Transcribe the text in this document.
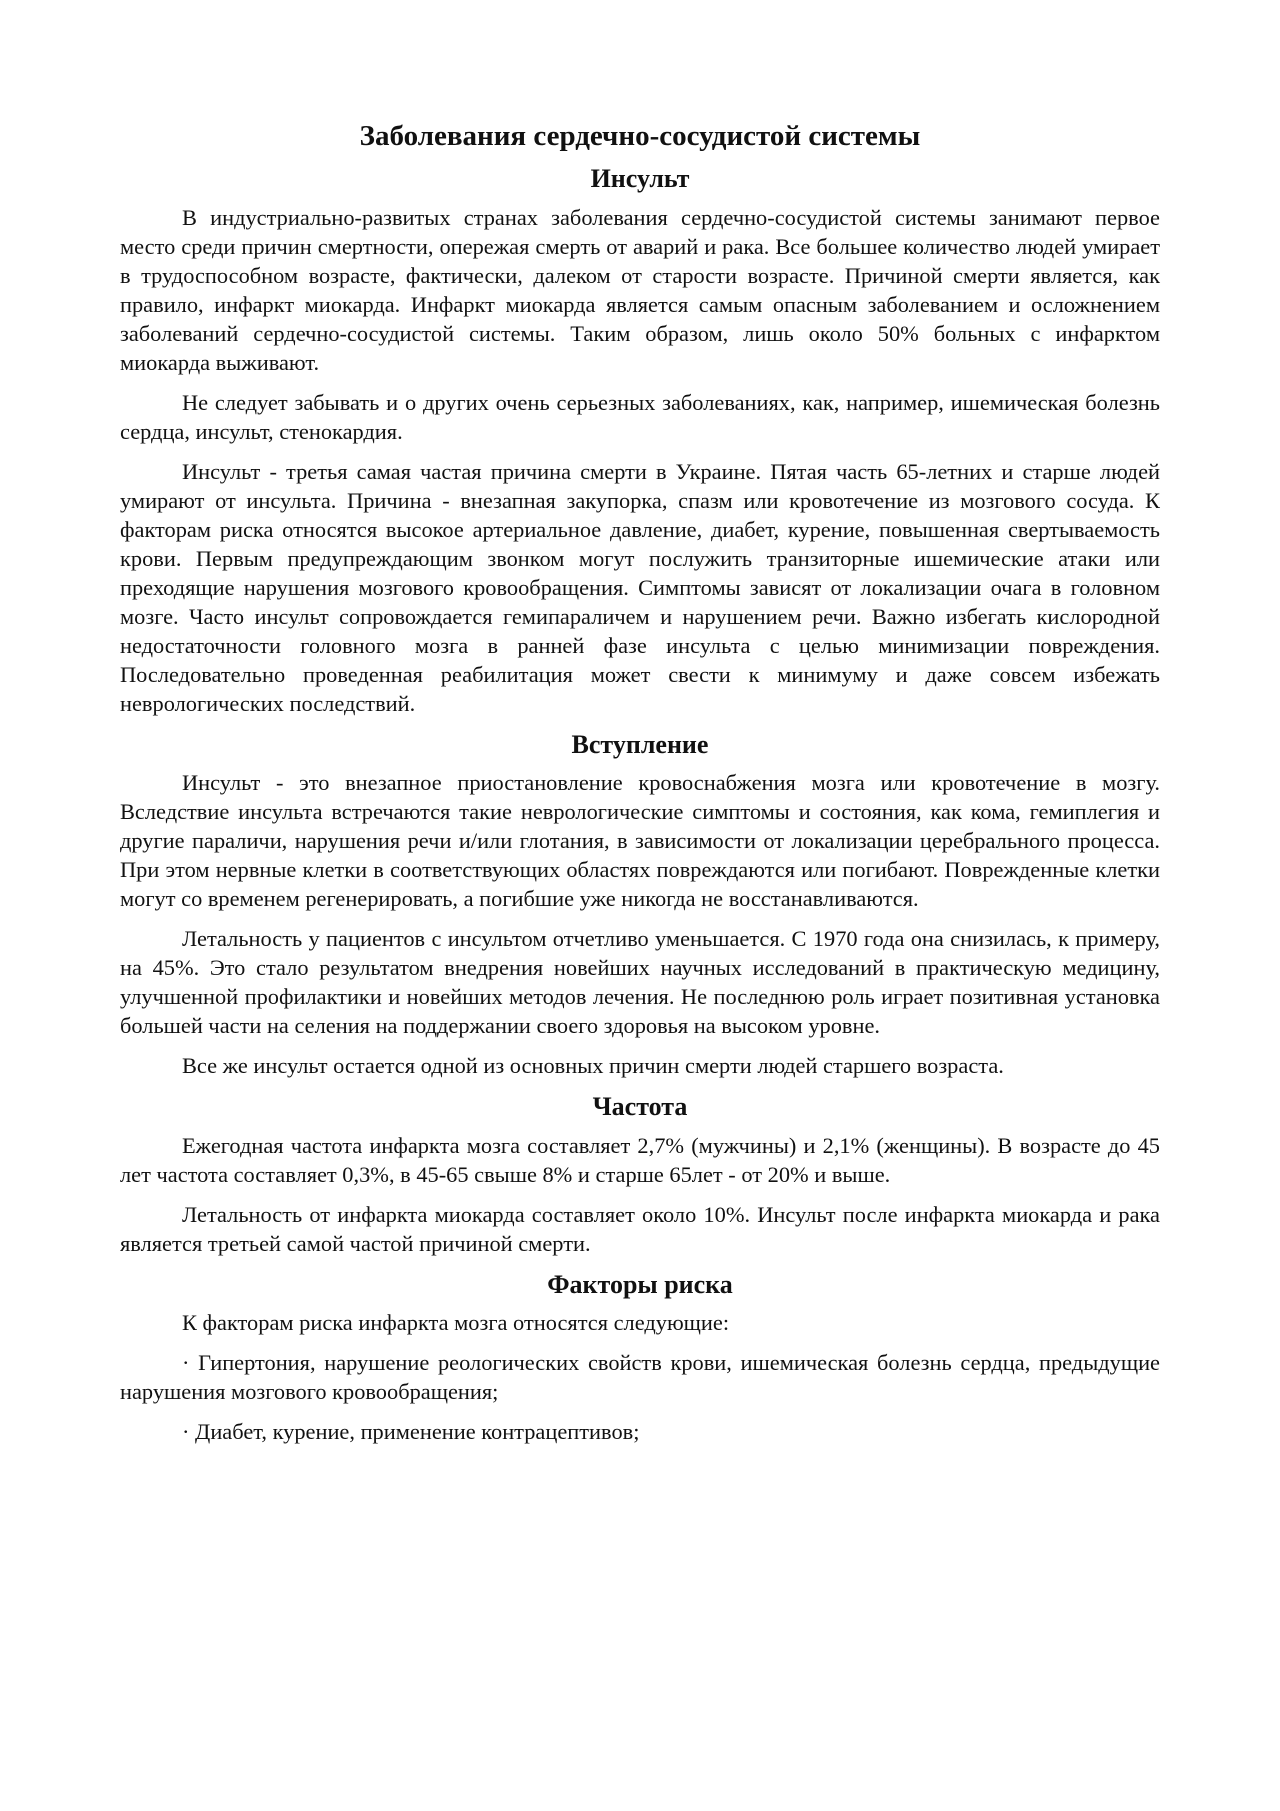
Заболевания сердечно-сосудистой системы
Инсульт

В индустриально-развитых странах заболевания сердечно-сосудистой системы занимают первое место среди причин смертности, опережая смерть от аварий и рака. Все большее количество людей умирает в трудоспособном возрасте, фактически, далеком от старости возрасте. Причиной смерти является, как правило, инфаркт миокарда. Инфаркт миокарда является самым опасным заболеванием и осложнением заболеваний сердечно-сосудистой системы. Таким образом, лишь около 50% больных с инфарктом миокарда выживают.

Не следует забывать и о других очень серьезных заболеваниях, как, например, ишемическая болезнь сердца, инсульт, стенокардия.

Инсульт - третья самая частая причина смерти в Украине. Пятая часть 65-летних и старше людей умирают от инсульта. Причина - внезапная закупорка, спазм или кровотечение из мозгового сосуда. К факторам риска относятся высокое артериальное давление, диабет, курение, повышенная свертываемость крови. Первым предупреждающим звонком могут послужить транзиторные ишемические атаки или преходящие нарушения мозгового кровообращения. Симптомы зависят от локализации очага в головном мозге. Часто инсульт сопровождается гемипараличем и нарушением речи. Важно избегать кислородной недостаточности головного мозга в ранней фазе инсульта с целью минимизации повреждения. Последовательно проведенная реабилитация может свести к минимуму и даже совсем избежать неврологических последствий.

Вступление

Инсульт - это внезапное приостановление кровоснабжения мозга или кровотечение в мозгу. Вследствие инсульта встречаются такие неврологические симптомы и состояния, как кома, гемиплегия и другие параличи, нарушения речи и/или глотания, в зависимости от локализации церебрального процесса. При этом нервные клетки в соответствующих областях повреждаются или погибают. Поврежденные клетки могут со временем регенерировать, а погибшие уже никогда не восстанавливаются.

Летальность у пациентов с инсультом отчетливо уменьшается. С 1970 года она снизилась, к примеру, на 45%. Это стало результатом внедрения новейших научных исследований в практическую медицину, улучшенной профилактики и новейших методов лечения. Не последнюю роль играет позитивная установка большей части на селения на поддержании своего здоровья на высоком уровне.

Все же инсульт остается одной из основных причин смерти людей старшего возраста.

Частота

Ежегодная частота инфаркта мозга составляет 2,7% (мужчины) и 2,1% (женщины). В возрасте до 45 лет частота составляет 0,3%, в 45-65 свыше 8% и старше 65лет - от 20% и выше.

Летальность от инфаркта миокарда составляет около 10%. Инсульт после инфаркта миокарда и рака является третьей самой частой причиной смерти.

Факторы риска

К факторам риска инфаркта мозга относятся следующие:

· Гипертония, нарушение реологических свойств крови, ишемическая болезнь сердца, предыдущие нарушения мозгового кровообращения;

· Диабет, курение, применение контрацептивов;
